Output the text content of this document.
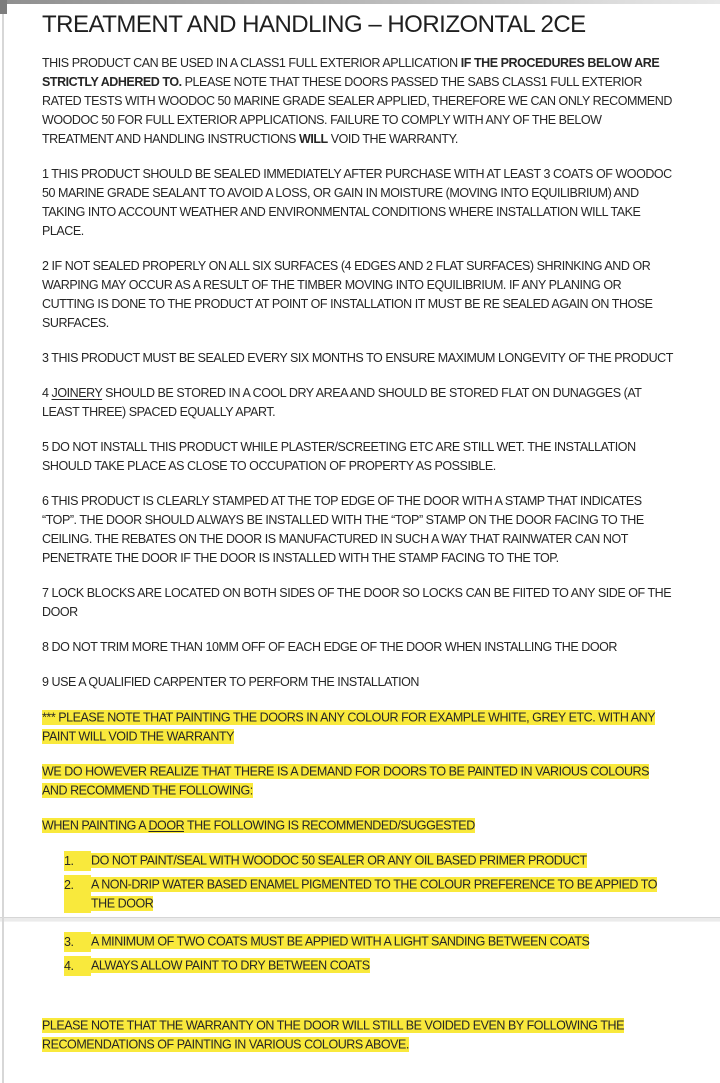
TREATMENT AND HANDLING – HORIZONTAL 2CE
THIS PRODUCT CAN BE USED IN A CLASS1 FULL EXTERIOR APLLICATION IF THE PROCEDURES BELOW ARE STRICTLY ADHERED TO. PLEASE NOTE THAT THESE DOORS PASSED THE SABS CLASS1 FULL EXTERIOR RATED TESTS WITH WOODOC 50 MARINE GRADE SEALER APPLIED, THEREFORE WE CAN ONLY RECOMMEND WOODOC 50 FOR FULL EXTERIOR APPLICATIONS. FAILURE TO COMPLY WITH ANY OF THE BELOW TREATMENT AND HANDLING INSTRUCTIONS WILL VOID THE WARRANTY.
1 THIS PRODUCT SHOULD BE SEALED IMMEDIATELY AFTER PURCHASE WITH AT LEAST 3 COATS OF WOODOC 50 MARINE GRADE SEALANT TO AVOID A LOSS, OR GAIN IN MOISTURE (MOVING INTO EQUILIBRIUM) AND TAKING INTO ACCOUNT WEATHER AND ENVIRONMENTAL CONDITIONS WHERE INSTALLATION WILL TAKE PLACE.
2 IF NOT SEALED PROPERLY ON ALL SIX SURFACES (4 EDGES AND 2 FLAT SURFACES) SHRINKING AND OR WARPING MAY OCCUR AS A RESULT OF THE TIMBER MOVING INTO EQUILIBRIUM. IF ANY PLANING OR CUTTING IS DONE TO THE PRODUCT AT POINT OF INSTALLATION IT MUST BE RE SEALED AGAIN ON THOSE SURFACES.
3 THIS PRODUCT MUST BE SEALED EVERY SIX MONTHS TO ENSURE MAXIMUM LONGEVITY OF THE PRODUCT
4 JOINERY SHOULD BE STORED IN A COOL DRY AREA AND SHOULD BE STORED FLAT ON DUNAGGES (AT LEAST THREE) SPACED EQUALLY APART.
5 DO NOT INSTALL THIS PRODUCT WHILE PLASTER/SCREETING ETC ARE STILL WET. THE INSTALLATION SHOULD TAKE PLACE AS CLOSE TO OCCUPATION OF PROPERTY AS POSSIBLE.
6 THIS PRODUCT IS CLEARLY STAMPED AT THE TOP EDGE OF THE DOOR WITH A STAMP THAT INDICATES “TOP”. THE DOOR SHOULD ALWAYS BE INSTALLED WITH THE “TOP” STAMP ON THE DOOR FACING TO THE CEILING. THE REBATES ON THE DOOR IS MANUFACTURED IN SUCH A WAY THAT RAINWATER CAN NOT PENETRATE THE DOOR IF THE DOOR IS INSTALLED WITH THE STAMP FACING TO THE TOP.
7 LOCK BLOCKS ARE LOCATED ON BOTH SIDES OF THE DOOR SO LOCKS CAN BE FIITED TO ANY SIDE OF THE DOOR
8 DO NOT TRIM MORE THAN 10MM OFF OF EACH EDGE OF THE DOOR WHEN INSTALLING THE DOOR
9 USE A QUALIFIED CARPENTER TO PERFORM THE INSTALLATION
*** PLEASE NOTE THAT PAINTING THE DOORS IN ANY COLOUR FOR EXAMPLE WHITE, GREY ETC. WITH ANY PAINT WILL VOID THE WARRANTY
WE DO HOWEVER REALIZE THAT THERE IS A DEMAND FOR DOORS TO BE PAINTED IN VARIOUS COLOURS AND RECOMMEND THE FOLLOWING:
WHEN PAINTING A DOOR THE FOLLOWING IS RECOMMENDED/SUGGESTED
1.	DO NOT PAINT/SEAL WITH WOODOC 50 SEALER OR ANY OIL BASED PRIMER PRODUCT
2.	A NON-DRIP WATER BASED ENAMEL PIGMENTED TO THE COLOUR PREFERENCE TO BE APPIED TO THE DOOR
3.	A MINIMUM OF TWO COATS MUST BE APPIED WITH A LIGHT SANDING BETWEEN COATS
4.	ALWAYS ALLOW PAINT TO DRY BETWEEN COATS
PLEASE NOTE THAT THE WARRANTY ON THE DOOR WILL STILL BE VOIDED EVEN BY FOLLOWING THE RECOMENDATIONS OF PAINTING IN VARIOUS COLOURS ABOVE.
